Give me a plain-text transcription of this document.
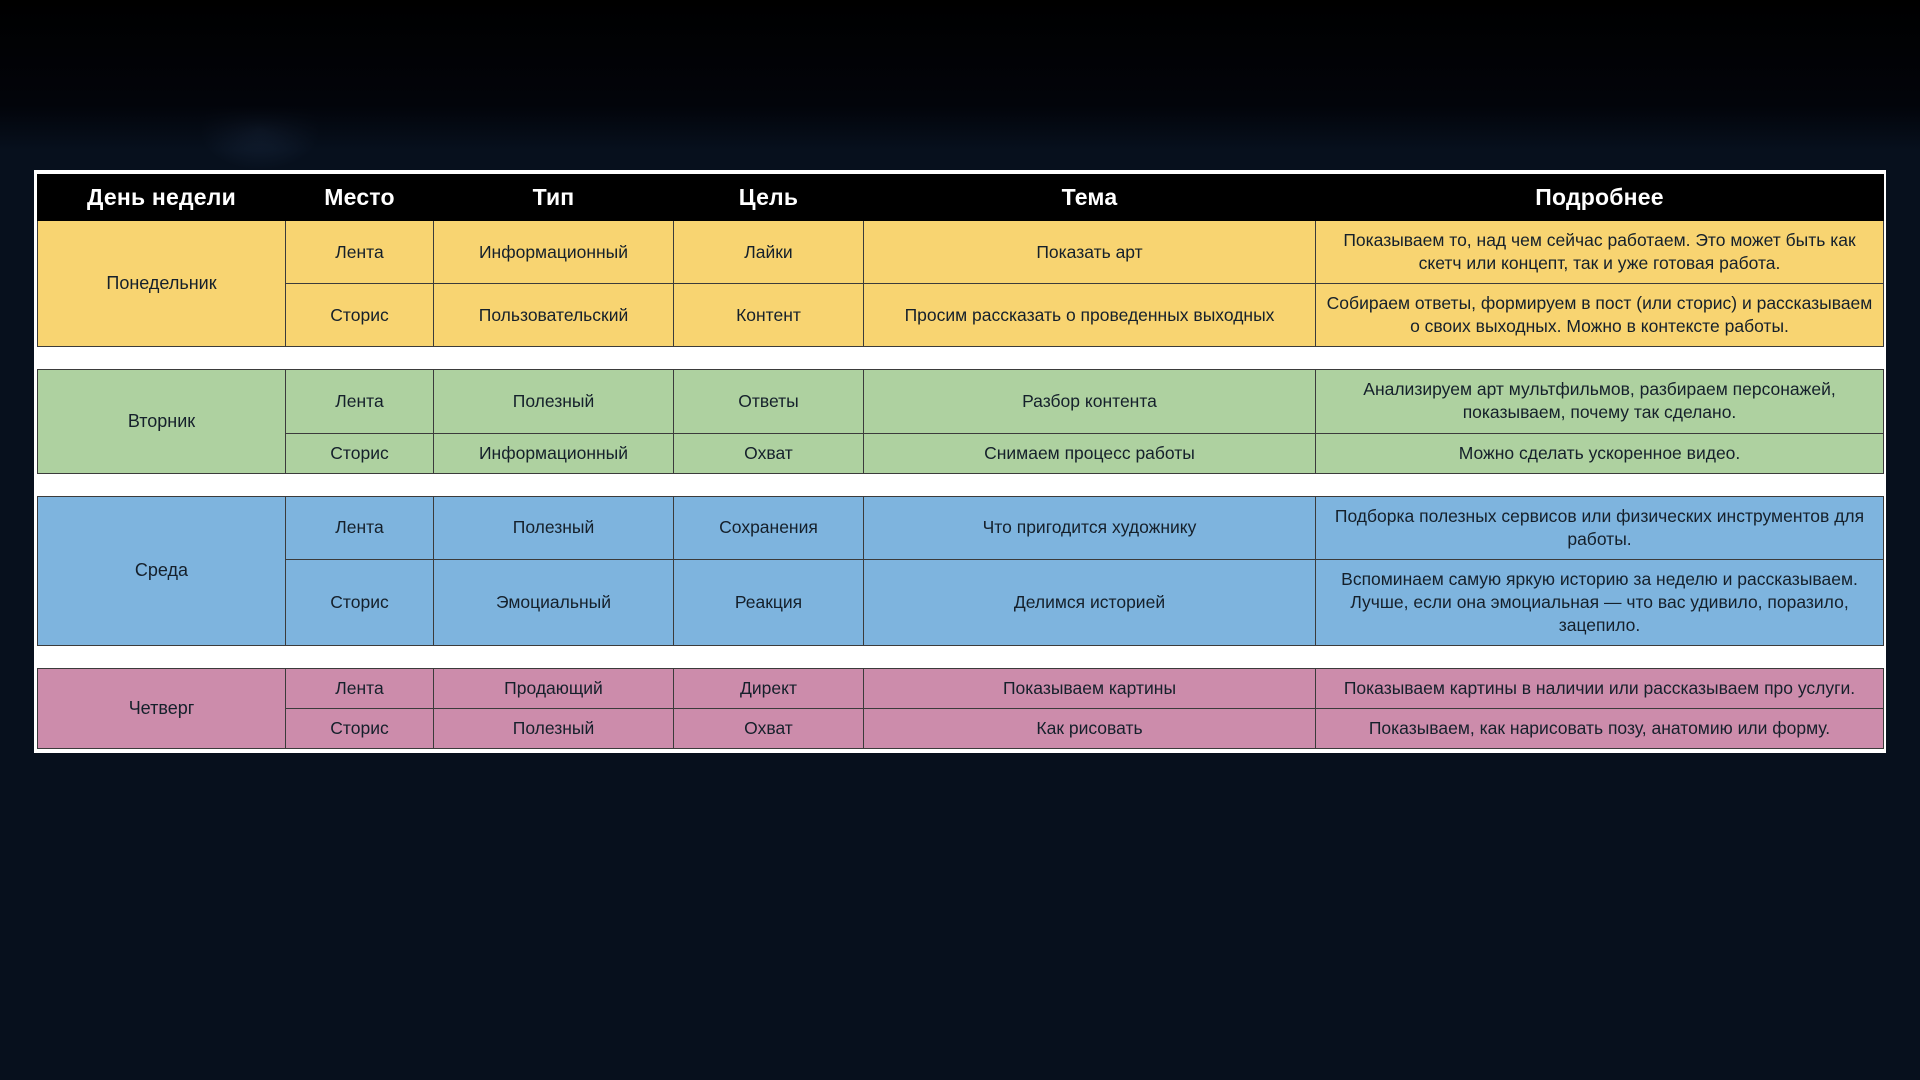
День недели	Место	Тип	Цель	Тема	Подробнее
Понедельник	Лента	Информационный	Лайки	Показать арт	Показываем то, над чем сейчас работаем. Это может быть как скетч или концепт, так и уже готовая работа.
	Сторис	Пользовательский	Контент	Просим рассказать о проведенных выходных	Собираем ответы, формируем в пост (или сторис) и рассказываем о своих выходных. Можно в контексте работы.

Вторник	Лента	Полезный	Ответы	Разбор контента	Анализируем арт мультфильмов, разбираем персонажей, показываем, почему так сделано.
	Сторис	Информационный	Охват	Снимаем процесс работы	Можно сделать ускоренное видео.

Среда	Лента	Полезный	Сохранения	Что пригодится художнику	Подборка полезных сервисов или физических инструментов для работы.
	Сторис	Эмоциальный	Реакция	Делимся историей	Вспоминаем самую яркую историю за неделю и рассказываем. Лучше, если она эмоциальная — что вас удивило, поразило, зацепило.

Четверг	Лента	Продающий	Директ	Показываем картины	Показываем картины в наличии или рассказываем про услуги.
	Сторис	Полезный	Охват	Как рисовать	Показываем, как нарисовать позу, анатомию или форму.
